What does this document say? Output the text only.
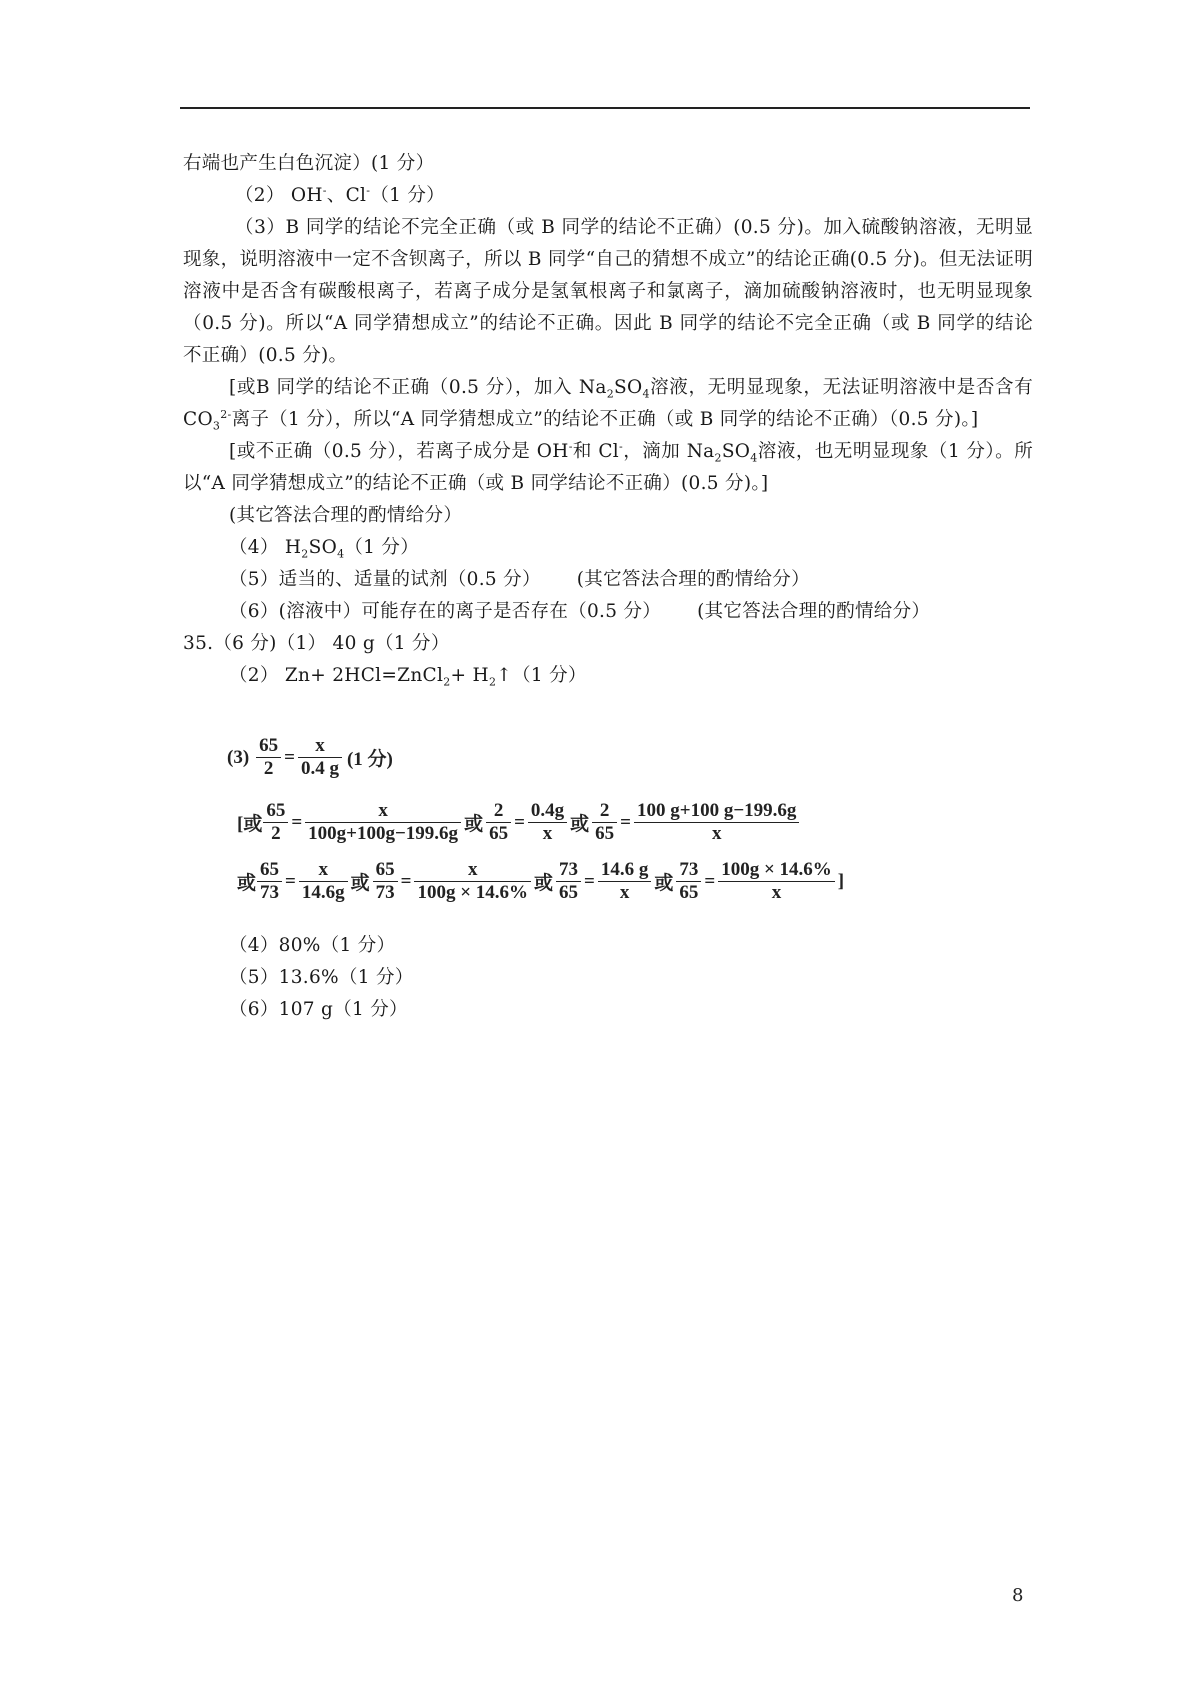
右端也产生白色沉淀）(1 分）

（2） OH-、Cl-（1 分）

（3）B 同学的结论不完全正确（或 B 同学的结论不正确）(0.5 分)。加入硫酸钠溶液，无明显现象，说明溶液中一定不含钡离子，所以 B 同学“自己的猜想不成立”的结论正确(0.5 分)。但无法证明溶液中是否含有碳酸根离子，若离子成分是氢氧根离子和氯离子，滴加硫酸钠溶液时，也无明显现象（0.5 分)。所以“A 同学猜想成立”的结论不正确。因此 B 同学的结论不完全正确（或 B 同学的结论不正确）(0.5 分)。

[或B 同学的结论不正确（0.5 分），加入 $Na_2SO_4$溶液，无明显现象，无法证明溶液中是否含有 $CO_3^{2-}$离子（1 分），所以“A 同学猜想成立”的结论不正确（或 B 同学的结论不正确）（0.5 分)。]

[或不正确（0.5 分），若离子成分是 OH-和 Cl-，滴加 $Na_2SO_4$溶液，也无明显现象（1 分）。所以“A 同学猜想成立”的结论不正确（或 B 同学结论不正确）(0.5 分)。]

(其它答法合理的酌情给分）

（4） $H_2SO_4(1$ 分）

（5）适当的、适量的试剂（0.5 分） (其它答法合理的酌情给分）

（6）(溶液中）可能存在的离子是否存在（0.5 分） (其它答法合理的酌情给分）

35.（6 分)（1） 40 g（1 分）

（2） Zn+ 2HCl=ZnCl$_2$+ $H_2↑(1$ 分）

$(3) \frac{65}{2} = \frac{x}{0.4 g} (1$ 分)
[或 $\frac{65}{2} = \frac{x}{100g+100g-199.6g}$ 或 $\frac{2}{65} = \frac{0.4g}{x}$ 或 $\frac{2}{65} = \frac{100 g+100 g-199.6g}{x}$
或 $\frac{65}{73} = \frac{x}{14.6g}$ 或 $\frac{65}{73} = \frac{x}{100g \times 14.6\%}$ 或 $\frac{73}{65} = \frac{14.6 g}{x}$ 或 $\frac{73}{65} = \frac{100g \times 14.6\%}{x}$ ]

（4）80%（1 分）

（5）13.6%（1 分）

（6）107 g（1 分）

8
